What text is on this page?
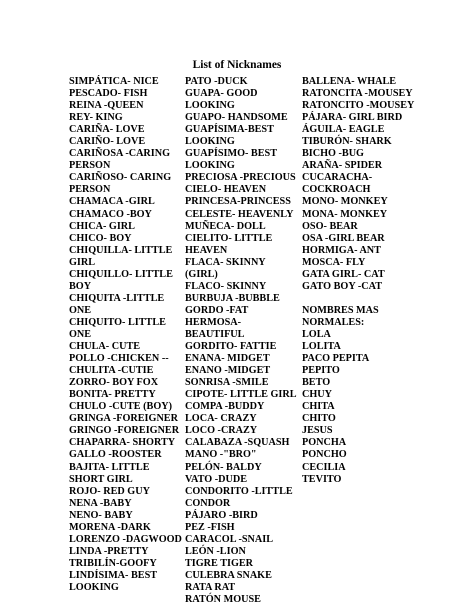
List of Nicknames
SIMPÁTICA- NICE
PESCADO- FISH
REINA -QUEEN
REY- KING
CARIÑA- LOVE
CARIÑO- LOVE
CARIÑOSA -CARING
PERSON
CARIÑOSO- CARING
PERSON
CHAMACA -GIRL
CHAMACO -BOY
CHICA- GIRL
CHICO- BOY
CHIQUILLA- LITTLE
GIRL
CHIQUILLO- LITTLE
BOY
CHIQUITA -LITTLE
ONE
CHIQUITO- LITTLE
ONE
CHULA- CUTE
POLLO -CHICKEN --
CHULITA -CUTIE
ZORRO- BOY FOX
BONITA- PRETTY
CHULO -CUTE (BOY)
GRINGA -FOREIGNER
GRINGO -FOREIGNER
CHAPARRA- SHORTY
GALLO -ROOSTER
BAJITA- LITTLE
SHORT GIRL
ROJO- RED GUY
NENA -BABY
NENO- BABY
MORENA -DARK
LORENZO -DAGWOOD
LINDA -PRETTY
TRIBILÍN-GOOFY
LINDÍSIMA- BEST
LOOKING
PATO -DUCK
GUAPA- GOOD
LOOKING
GUAPO- HANDSOME
GUAPÍSIMA-BEST
LOOKING
GUAPÍSIMO- BEST
LOOKING
PRECIOSA -PRECIOUS
CIELO- HEAVEN
PRINCESA-PRINCESS
CELESTE- HEAVENLY
MUÑECA- DOLL
CIELITO- LITTLE
HEAVEN
FLACA- SKINNY
(GIRL)
FLACO- SKINNY
BURBUJA -BUBBLE
GORDO -FAT
HERMOSA-
BEAUTIFUL
GORDITO- FATTIE
ENANA- MIDGET
ENANO -MIDGET
SONRISA -SMILE
CIPOTE- LITTLE GIRL
COMPA -BUDDY
LOCA- CRAZY
LOCO -CRAZY
CALABAZA -SQUASH
MANO -"BRO"
PELÓN- BALDY
VATO -DUDE
CONDORITO -LITTLE
CONDOR
PÁJARO -BIRD
PEZ -FISH
CARACOL -SNAIL
LEÓN -LION
TIGRE TIGER
CULEBRA SNAKE
RATA RAT
RATÓN MOUSE
BALLENA- WHALE
RATONCITA -MOUSEY
RATONCITO -MOUSEY
PÁJARA- GIRL BIRD
ÁGUILA- EAGLE
TIBURÓN- SHARK
BICHO -BUG
ARAÑA- SPIDER
CUCARACHA-
COCKROACH
MONO- MONKEY
MONA- MONKEY
OSO- BEAR
OSA -GIRL BEAR
HORMIGA- ANT
MOSCA- FLY
GATA GIRL- CAT
GATO BOY -CAT
NOMBRES MAS
NORMALES:
LOLA
LOLITA
PACO PEPITA
PEPITO
BETO
CHUY
CHITA
CHITO
JESUS
PONCHA
PONCHO
CECILIA
TEVITO
